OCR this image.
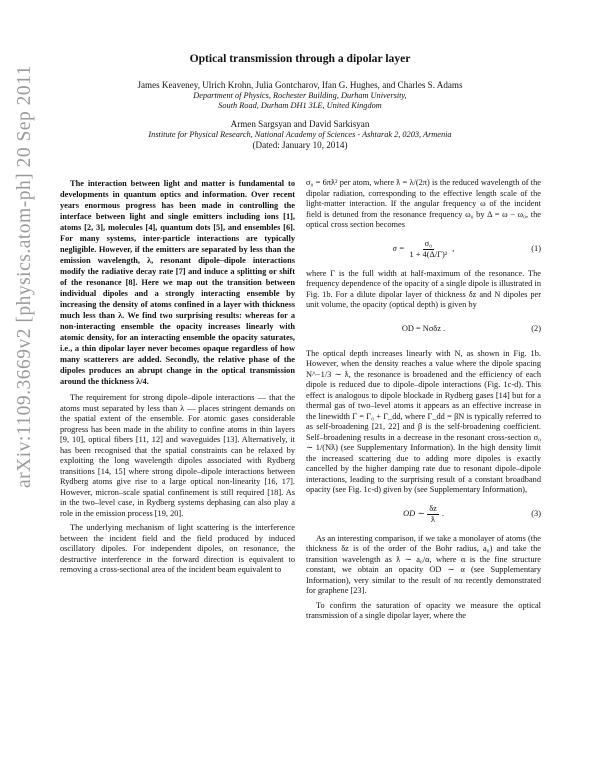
arXiv:1109.3669v2 [physics.atom-ph] 20 Sep 2011
Optical transmission through a dipolar layer
James Keaveney, Ulrich Krohn, Julia Gontcharov, Ifan G. Hughes, and Charles S. Adams
Department of Physics, Rochester Building, Durham University,
South Road, Durham DH1 3LE, United Kingdom
Armen Sargsyan and David Sarkisyan
Institute for Physical Research, National Academy of Sciences - Ashtarak 2, 0203, Armenia
(Dated: January 10, 2014)

The interaction between light and matter is fundamental to developments in quantum optics and information. Over recent years enormous progress has been made in controlling the interface between light and single emitters including ions [1], atoms [2, 3], molecules [4], quantum dots [5], and ensembles [6]. For many systems, inter-particle interactions are typically negligible. However, if the emitters are separated by less than the emission wavelength, λ, resonant dipole–dipole interactions modify the radiative decay rate [7] and induce a splitting or shift of the resonance [8]. Here we map out the transition between individual dipoles and a strongly interacting ensemble by increasing the density of atoms confined in a layer with thickness much less than λ. We find two surprising results: whereas for a non-interacting ensemble the opacity increases linearly with atomic density, for an interacting ensemble the opacity saturates, i.e., a thin dipolar layer never becomes opaque regardless of how many scatterers are added. Secondly, the relative phase of the dipoles produces an abrupt change in the optical transmission around the thickness λ/4.

The requirement for strong dipole–dipole interactions — that the atoms must separated by less than λ — places stringent demands on the spatial extent of the ensemble. For atomic gases considerable progress has been made in the ability to confine atoms in thin layers [9, 10], optical fibers [11, 12] and waveguides [13]. Alternatively, it has been recognised that the spatial constraints can be relaxed by exploiting the long wavelength dipoles associated with Rydberg transitions [14, 15] where strong dipole–dipole interactions between Rydberg atoms give rise to a large optical non-linearity [16, 17]. However, micron–scale spatial confinement is still required [18]. As in the two–level case, in Rydberg systems dephasing can also play a role in the emission process [19, 20].

The underlying mechanism of light scattering is the interference between the incident field and the field produced by induced oscillatory dipoles. For independent dipoles, on resonance, the destructive interference in the forward direction is equivalent to removing a cross-sectional area of the incident beam equivalent to

σ₀ = 6πƛ² per atom, where ƛ = λ/(2π) is the reduced wavelength of the dipolar radiation, corresponding to the effective length scale of the light-matter interaction. If the angular frequency ω of the incident field is detuned from the resonance frequency ω₀ by Δ = ω − ω₀, the optical cross section becomes

$\sigma = \frac{\text{σ₀}}{\text{1 + 4(Δ/Γ)²}}$ ,	(1)

where Γ is the full width at half-maximum of the resonance. The frequency dependence of the opacity of a single dipole is illustrated in Fig. 1b. For a dilute dipolar layer of thickness δz and N dipoles per unit volume, the opacity (optical depth) is given by

OD = Nσδz .	(2)

The optical depth increases linearly with N, as shown in Fig. 1b. However, when the density reaches a value where the dipole spacing N^−1/3 ∼ ƛ, the resonance is broadened and the efficiency of each dipole is reduced due to dipole–dipole interactions (Fig. 1c-d). This effect is analogous to dipole blockade in Rydberg gases [14] but for a thermal gas of two–level atoms it appears as an effective increase in the linewidth Γ = Γ₀ + Γ_dd, where Γ_dd = βN is typically referred to as self-broadening [21, 22] and β is the self-broadening coefficient. Self–broadening results in a decrease in the resonant cross-section σ₀ ∼ 1/(Nƛ) (see Supplementary Information). In the high density limit the increased scattering due to adding more dipoles is exactly cancelled by the higher damping rate due to resonant dipole–dipole interactions, leading to the surprising result of a constant broadband opacity (see Fig. 1c-d) given by (see Supplementary Information),

OD ∼ $\frac{\delta z}{ƛ}$ .	(3)

As an interesting comparison, if we take a monolayer of atoms (the thickness δz is of the order of the Bohr radius, a₀) and take the transition wavelength as ƛ ∼ a₀/α, where α is the fine structure constant, we obtain an opacity OD ∼ α (see Supplementary Information), very similar to the result of πα recently demonstrated for graphene [23].

To confirm the saturation of opacity we measure the optical transmission of a single dipolar layer, where the
